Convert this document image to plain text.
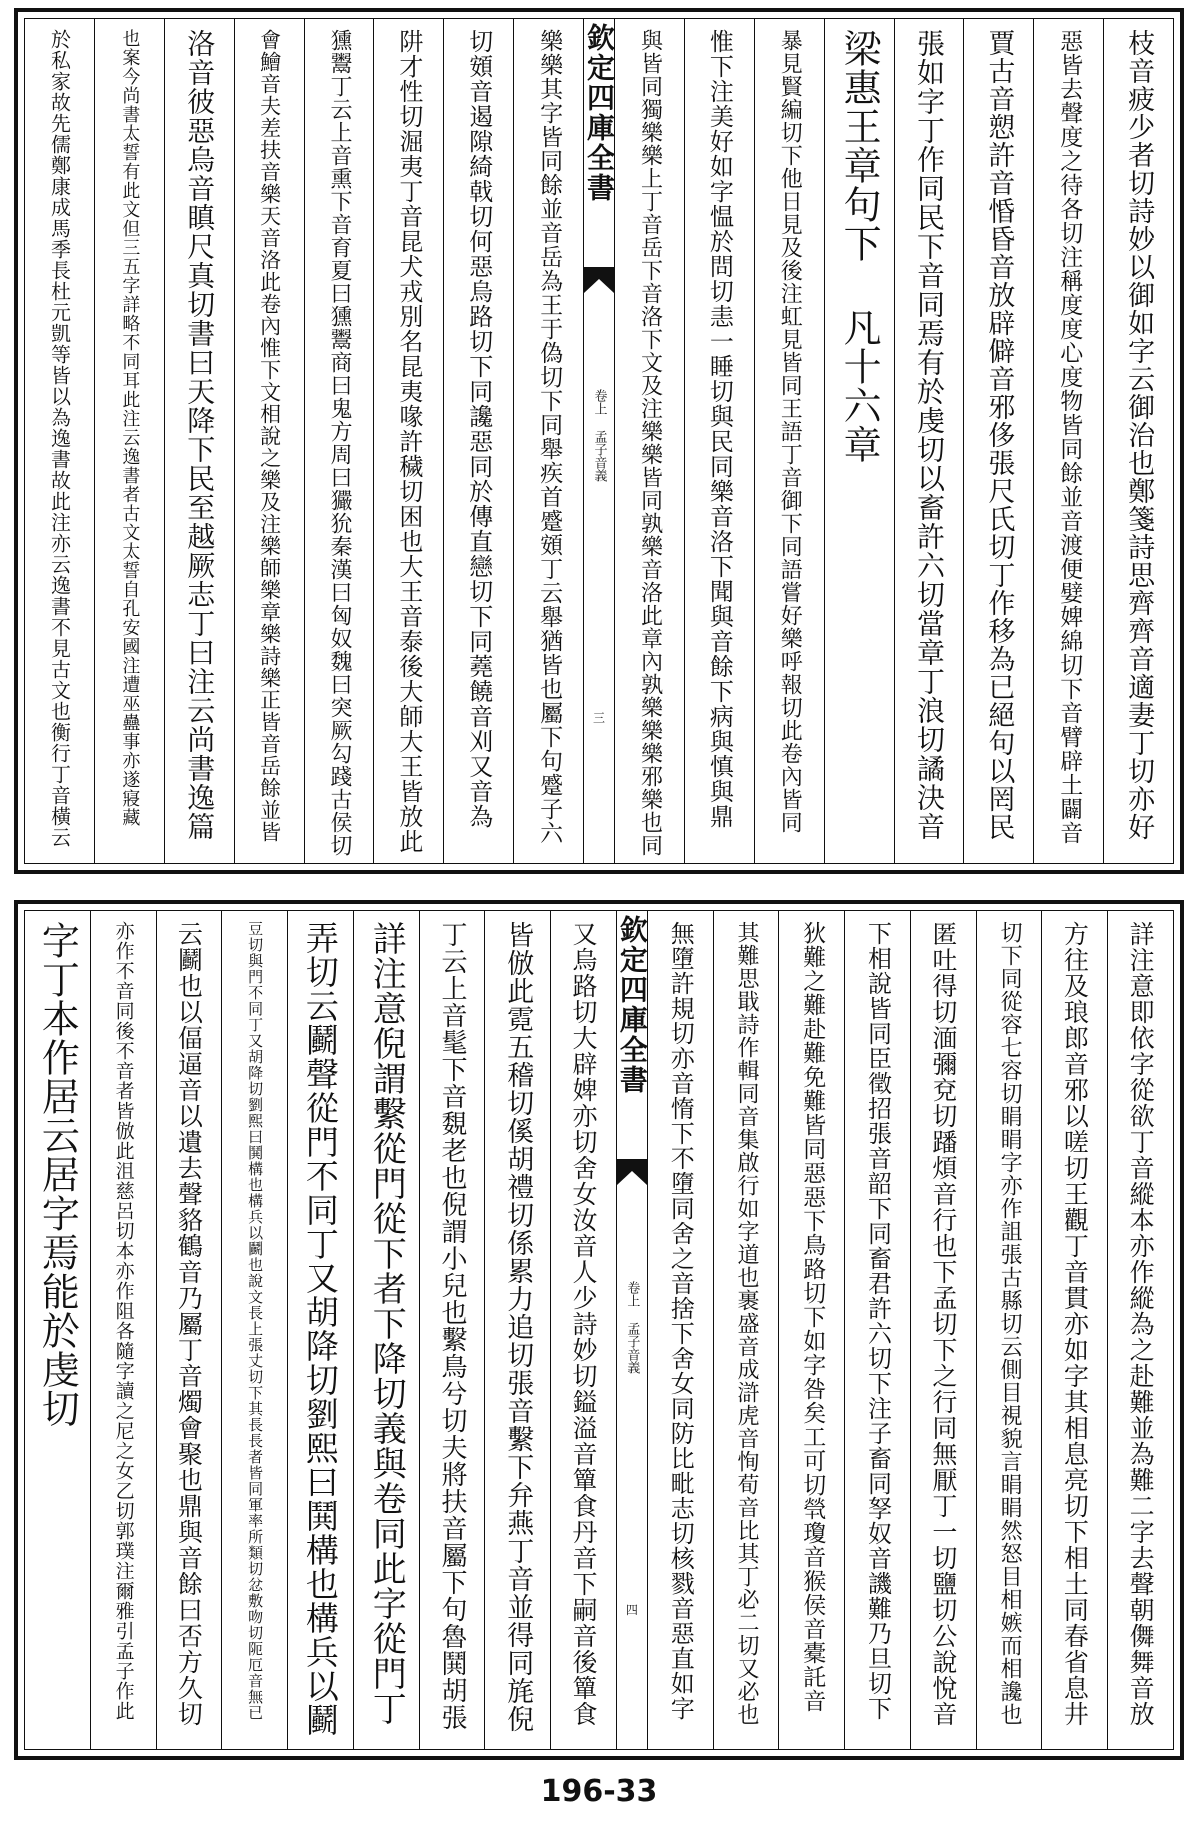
枝音疲少者切詩妙以御如字云御治也鄭箋詩思齊齊音適妻丁切亦好
惡皆去聲度之待各切注稱度度心度物皆同餘並音渡便嬖婢綿切下音臂辟土闢音
賈古音愬許音惛昏音放辟僻音邪侈張尺氏切丁作移為已絕句以罔民
張如字丁作同民下音同焉有於虔切以畜許六切當章丁浪切譎決音
梁惠王章句下 凡十六章
暴見賢編切下他日見及後注虹見皆同王語丁音御下同語嘗好樂呼報切此卷內皆同
惟下注美好如字愠於問切恚一睡切與民同樂音洛下聞與音餘下病與慎與鼎
與皆同獨樂樂上丁音岳下音洛下文及注樂樂皆同孰樂音洛此章內孰樂樂樂邪樂也同
欽定四庫全書
卷上 孟子音義
三
樂樂其字皆同餘並音岳為王于偽切下同舉疾首蹙頞丁云舉猶皆也屬下句蹙子六
切頞音遏隙綺戟切何惡烏路切下同讒惡同於傳直戀切下同蕘饒音刈又音為
阱才性切淈夷丁音昆犬戎別名昆夷喙許穢切困也大王音泰後大師大王皆放此
獯鬻丁云上音熏下音育夏曰獯鬻商曰鬼方周曰玁狁秦漢曰匈奴魏曰突厥勾踐古侯切
會鱠音夫差扶音樂天音洛此卷內惟下文相說之樂及注樂師樂章樂詩樂正皆音岳餘並皆
洛音彼惡烏音瞋尺真切書曰天降下民至越厥志丁曰注云尚書逸篇
也案今尚書太誓有此文但三五字詳略不同耳此注云逸書者古文太誓自孔安國注遭巫蠱事亦遂寢藏
於私家故先儒鄭康成馬季長杜元凱等皆以為逸書故此注亦云逸書不見古文也衡行丁音橫云
詳注意即依字從欲丁音縱本亦作縱為之赴難並為難二字去聲朝儛舞音放
方往及琅郎音邪以嗟切王觀丁音貫亦如字其相息亮切下相土同春省息井
切下同從容七容切睊睊字亦作詛張古縣切云側目視貌言睊睊然怒目相嫉而相讒也
匿吐得切湎彌兗切蹯煩音行也下孟切下之行同無厭丁一切鹽切公說悅音
下相說皆同臣徵招張音韶下同畜君許六切下注子畜同孥奴音譏難乃旦切下
狄難之難赴難免難皆同惡惡下鳥路切下如字咎矣工可切煢瓊音猴侯音橐託音
其難思戢詩作輯同音集啟行如字道也裹盛音成滸虎音恂荀音比其丁必二切又必也
無墮許規切亦音惰下不墮同舍之音捨下舍女同防比毗志切核戮音惡直如字
欽定四庫全書
卷上 孟子音義
四
又烏路切大辟婢亦切舍女汝音人少詩妙切鎰溢音簞食丹音下嗣音後簞食
皆倣此霓五稽切傒胡禮切係累力追切張音繫下弁燕丁音並得同旄倪
丁云上音髦下音覣老也倪謂小兒也繫鳥兮切夫將扶音屬下句魯鬨胡張
詳注意倪謂繫從門從下者下降切義與卷同此字從門丁
弄切云鬬聲從門不同丁又胡降切劉熙曰鬨構也構兵以鬬
豆切與門不同丁又胡降切劉熙曰鬨構也構兵以鬬也說文長上張丈切下其長長者皆同軍率所類切忿敷吻切阨厄音無已
云鬬也以偪逼音以遺去聲貉鶴音乃屬丁音燭會聚也鼎與音餘曰否方久切
亦作不音同後不音者皆倣此沮慈呂切本亦作阻各隨字讀之尼之女乙切郭璞注爾雅引孟子作此
字丁本作居云居字焉能於虔切
196-33
